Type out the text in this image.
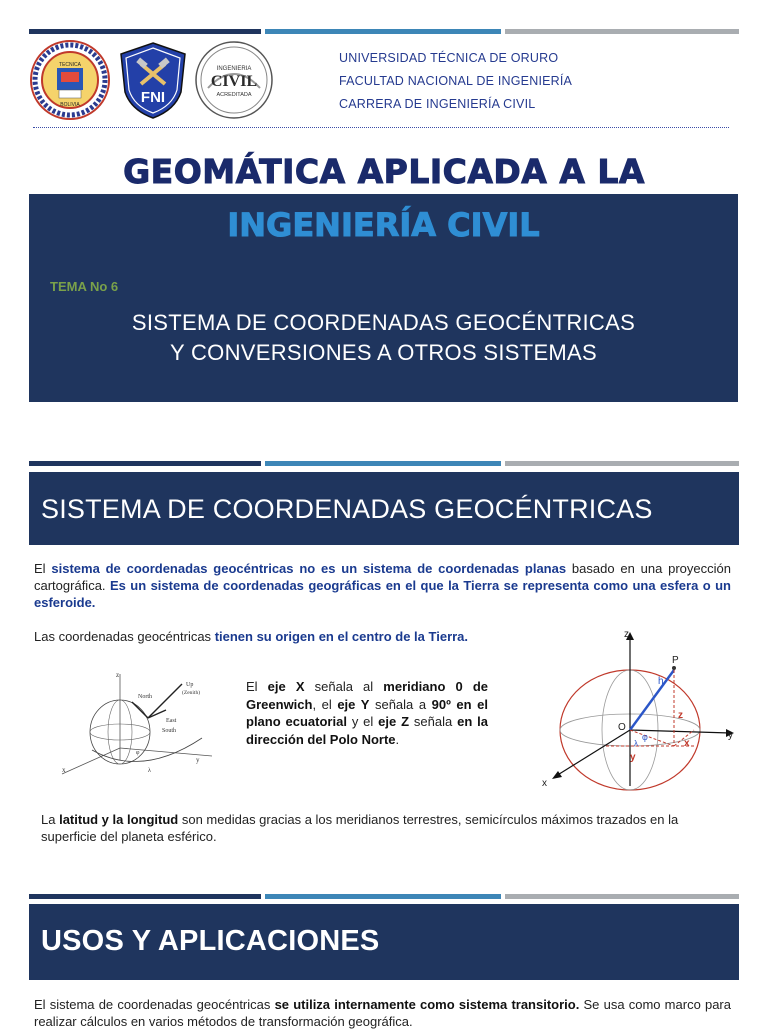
TECNICA
BOLIVIA	FNI
INGENIERIA
CIVIL
ACREDITADA
UNIVERSIDAD TÉCNICA DE ORURO
FACULTAD NACIONAL DE INGENIERÍA
CARRERA DE INGENIERÍA CIVIL
GEOMÁTICA APLICADA A LA
INGENIERÍA CIVIL
TEMA No 6
SISTEMA DE COORDENADAS GEOCÉNTRICAS
Y CONVERSIONES A OTROS SISTEMAS
SISTEMA DE COORDENADAS GEOCÉNTRICAS
El sistema de coordenadas geocéntricas no es un sistema de coordenadas planas basado en una proyección cartográfica. Es un sistema de coordenadas geográficas en el que la Tierra se representa como una esfera o un esferoide.
Las coordenadas geocéntricas tienen su origen en el centro de la Tierra.
z
North
Up
(Zenith)
East
South
y
x
φ
λ
El eje X señala al meridiano 0 de Greenwich, el eje Y señala a 90º en el plano ecuatorial y el eje Z señala en la dirección del Polo Norte.
z
P
h
O
y
x
z
x
y
φ
λ
La latitud y la longitud son medidas gracias a los meridianos terrestres, semicírculos máximos trazados en la superficie del planeta esférico.
USOS Y APLICACIONES
El sistema de coordenadas geocéntricas se utiliza internamente como sistema transitorio. Se usa como marco para realizar cálculos en varios métodos de transformación geográfica.
